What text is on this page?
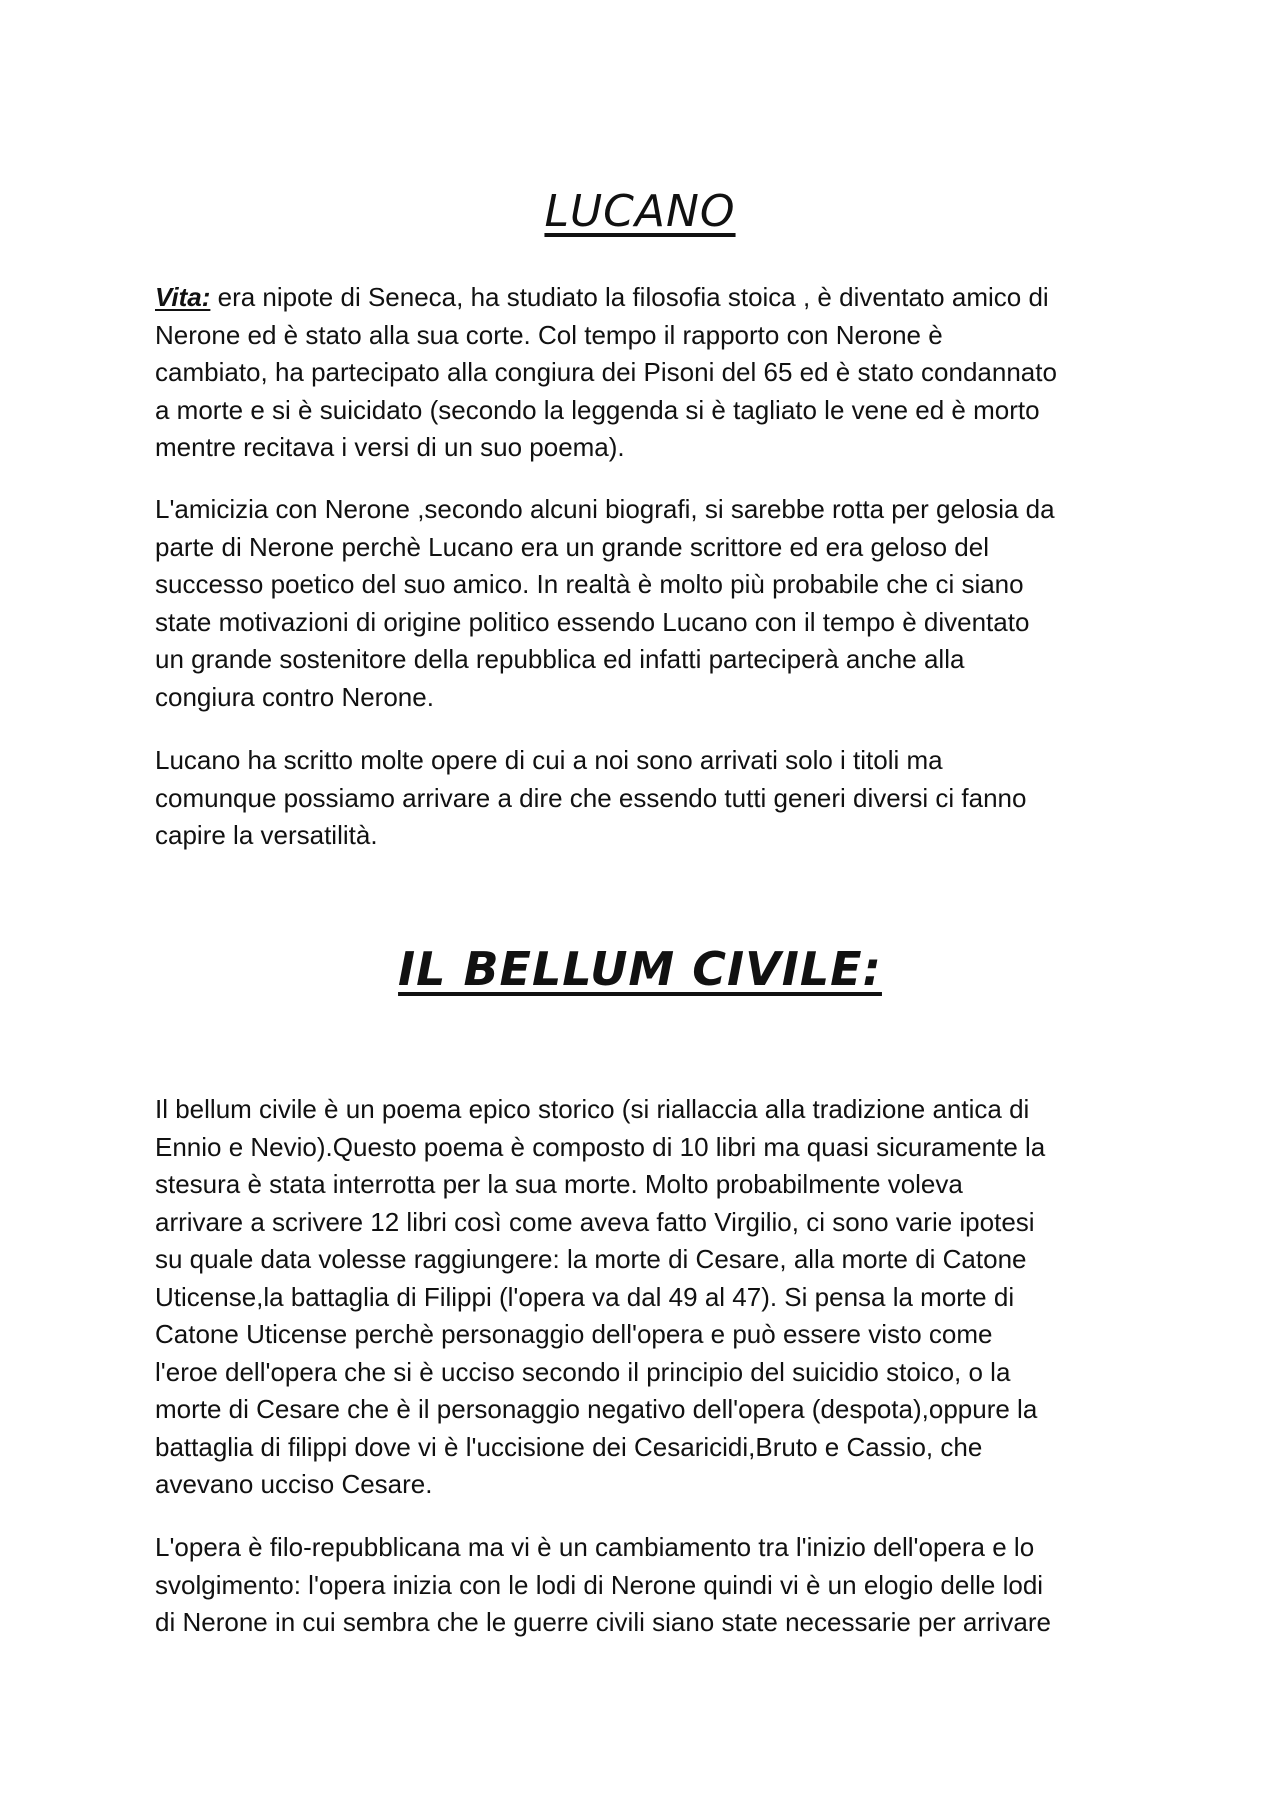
LUCANO
Vita: era nipote di Seneca, ha studiato la filosofia stoica , è diventato amico di
Nerone ed è stato alla sua corte. Col tempo il rapporto con Nerone è
cambiato, ha partecipato alla congiura dei Pisoni del 65 ed è stato condannato
a morte e si è suicidato (secondo la leggenda si è tagliato le vene ed è morto
mentre recitava i versi di un suo poema).
L'amicizia con Nerone ,secondo alcuni biografi, si sarebbe rotta per gelosia da
parte di Nerone perchè Lucano era un grande scrittore ed era geloso del
successo poetico del suo amico. In realtà è molto più probabile che ci siano
state motivazioni di origine politico essendo Lucano con il tempo è diventato
un grande sostenitore della repubblica ed infatti parteciperà anche alla
congiura contro Nerone.
Lucano ha scritto molte opere di cui a noi sono arrivati solo i titoli ma
comunque possiamo arrivare a dire che essendo tutti generi diversi ci fanno
capire la versatilità.
IL BELLUM CIVILE:
Il bellum civile è un poema epico storico (si riallaccia alla tradizione antica di
Ennio e Nevio).Questo poema è composto di 10 libri ma quasi sicuramente la
stesura è stata interrotta per la sua morte. Molto probabilmente voleva
arrivare a scrivere 12 libri così come aveva fatto Virgilio, ci sono varie ipotesi
su quale data volesse raggiungere: la morte di Cesare, alla morte di Catone
Uticense,la battaglia di Filippi (l'opera va dal 49 al 47). Si pensa la morte di
Catone Uticense perchè personaggio dell'opera e può essere visto come
l'eroe dell'opera che si è ucciso secondo il principio del suicidio stoico, o la
morte di Cesare che è il personaggio negativo dell'opera (despota),oppure la
battaglia di filippi dove vi è l'uccisione dei Cesaricidi,Bruto e Cassio, che
avevano ucciso Cesare.
L'opera è filo-repubblicana ma vi è un cambiamento tra l'inizio dell'opera e lo
svolgimento: l'opera inizia con le lodi di Nerone quindi vi è un elogio delle lodi
di Nerone in cui sembra che le guerre civili siano state necessarie per arrivare
